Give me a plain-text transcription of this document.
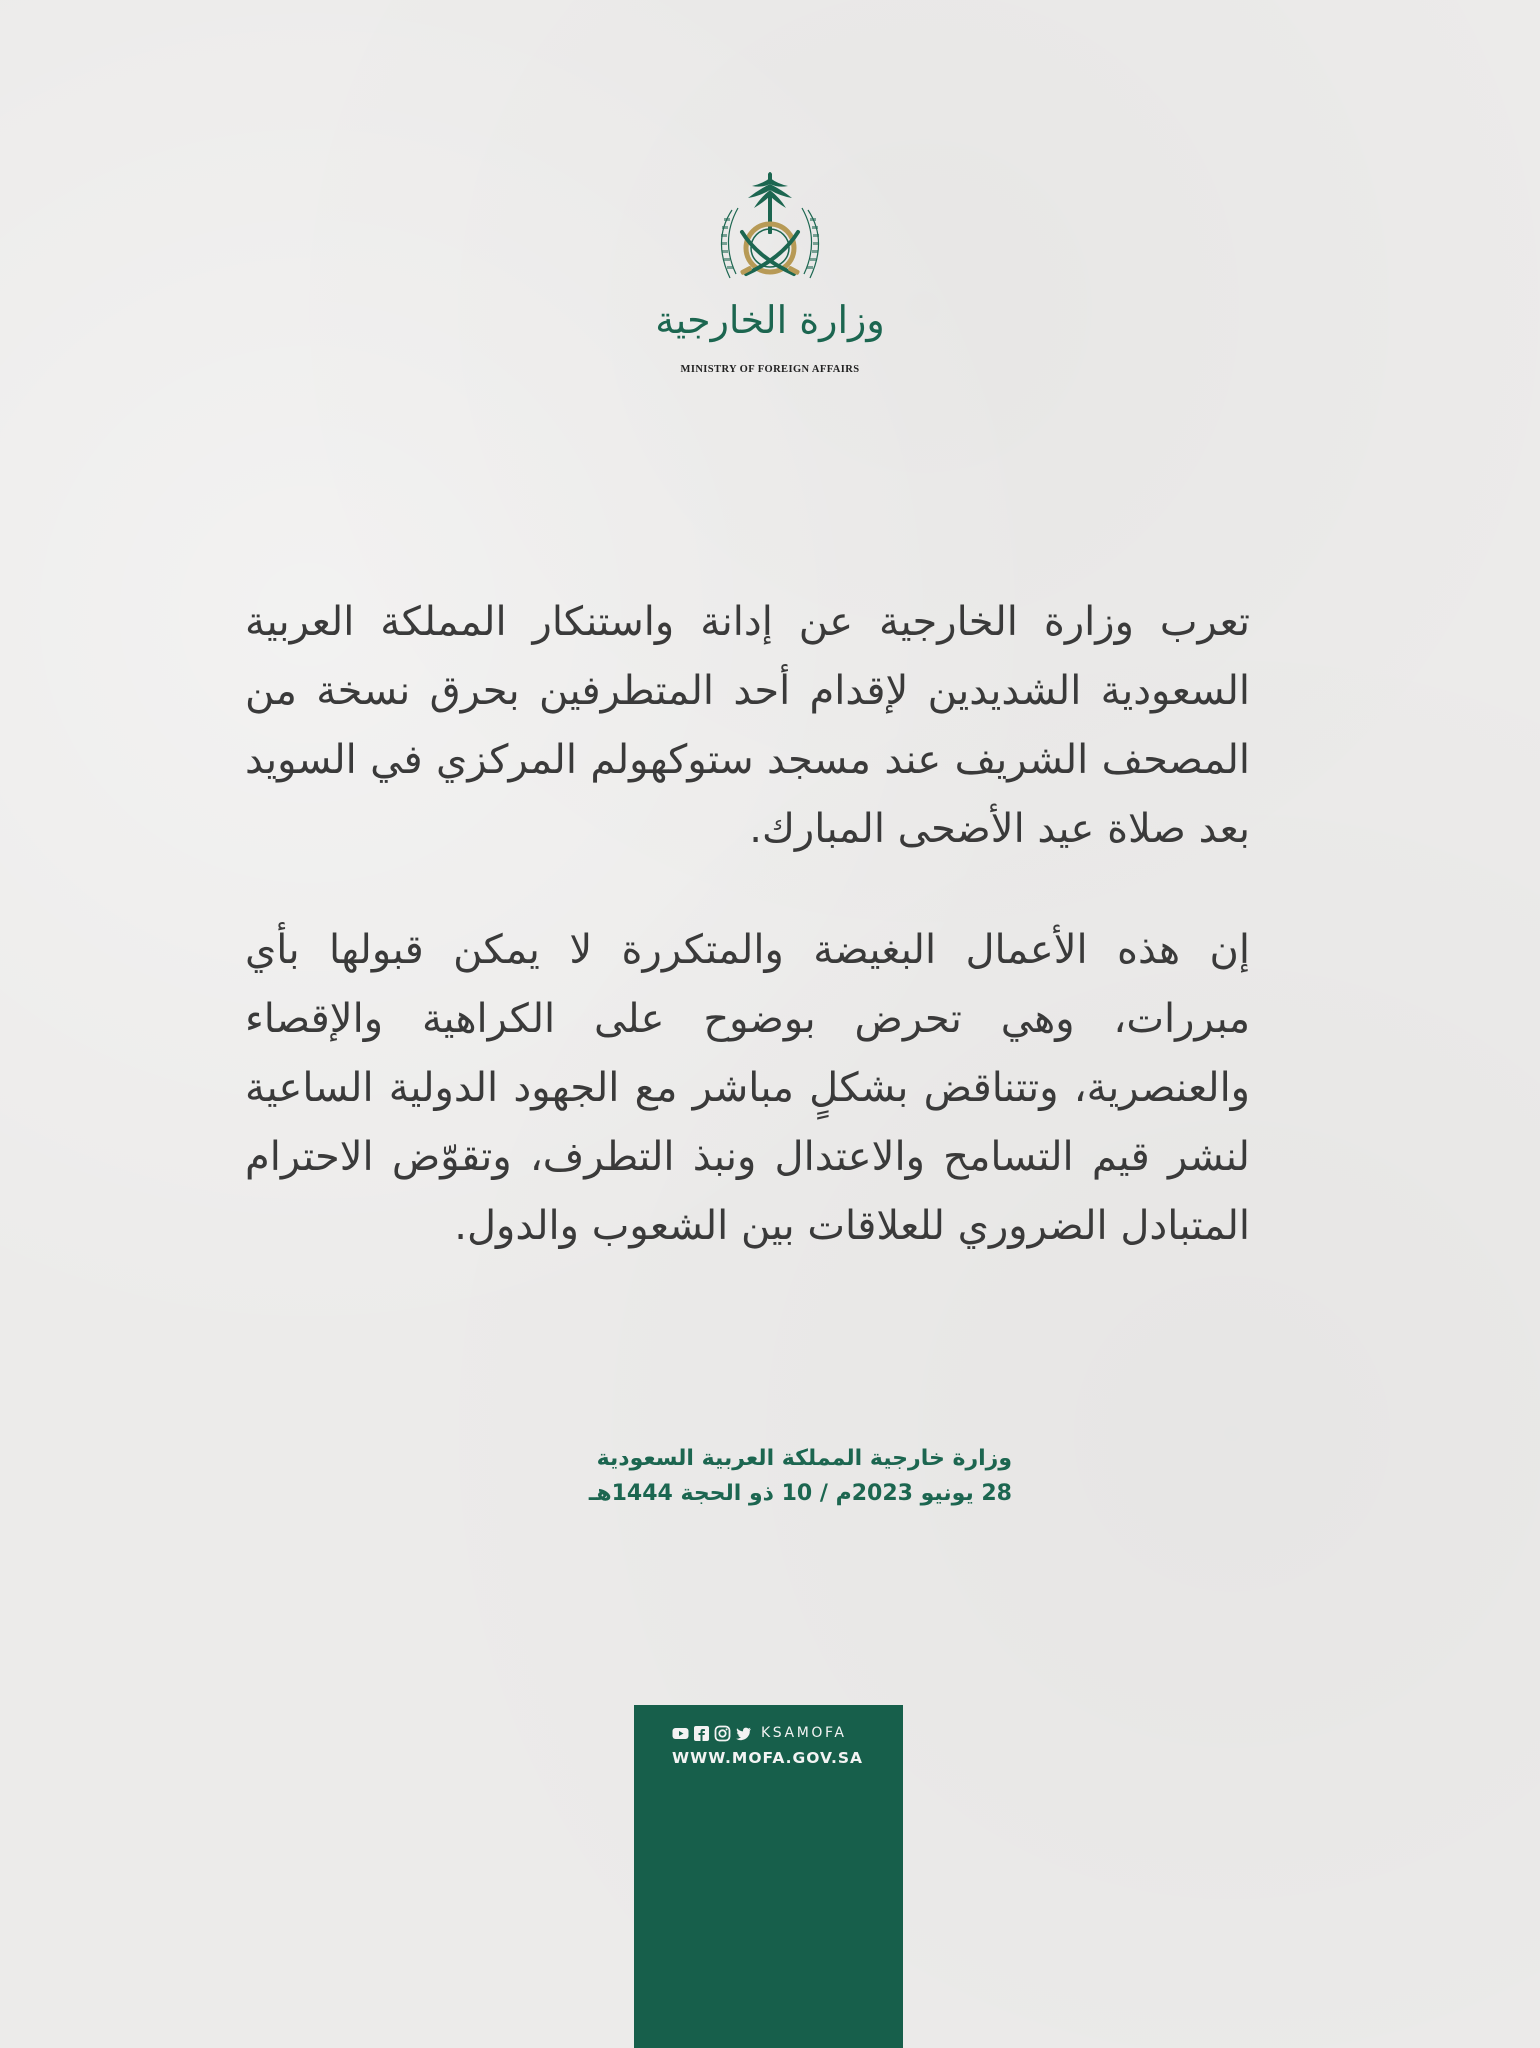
وزارة الخارجية
MINISTRY OF FOREIGN AFFAIRS
تعرب وزارة الخارجية عن إدانة واستنكار المملكة العربية السعودية الشديدين لإقدام أحد المتطرفين بحرق نسخة من المصحف الشريف عند مسجد ستوكهولم المركزي في السويد بعد صلاة عيد الأضحى المبارك.
إن هذه الأعمال البغيضة والمتكررة لا يمكن قبولها بأي مبررات، وهي تحرض بوضوح على الكراهية والإقصاء والعنصرية، وتتناقض بشكلٍ مباشر مع الجهود الدولية الساعية لنشر قيم التسامح والاعتدال ونبذ التطرف، وتقوّض الاحترام المتبادل الضروري للعلاقات بين الشعوب والدول.
وزارة خارجية المملكة العربية السعودية
28 يونيو 2023م / 10 ذو الحجة 1444هـ
KSAMOFA
WWW.MOFA.GOV.SA
